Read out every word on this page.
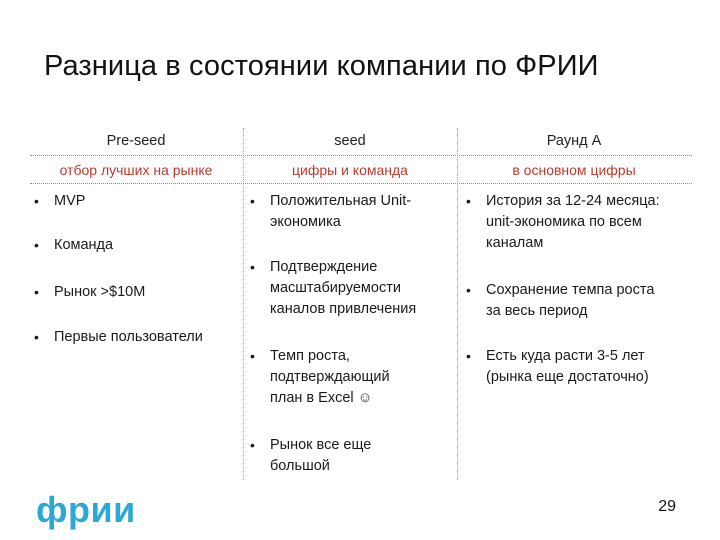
Разница в состоянии компании по ФРИИ
Pre-seed
отбор лучших на рынке
seed
цифры и команда
Раунд А
в основном цифры
• MVP
• Команда
• Рынок >$10M
• Первые пользователи
• Положительная Unit-
экономика
• Подтверждение
масштабируемости
каналов привлечения
• Темп роста,
подтверждающий
план в Excel ☺
• Рынок все еще
большой
• История за 12-24 месяца:
unit-экономика по всем
каналам
• Сохранение темпа роста
за весь период
• Есть куда расти 3-5 лет
(рынка еще достаточно)
фрии	29
